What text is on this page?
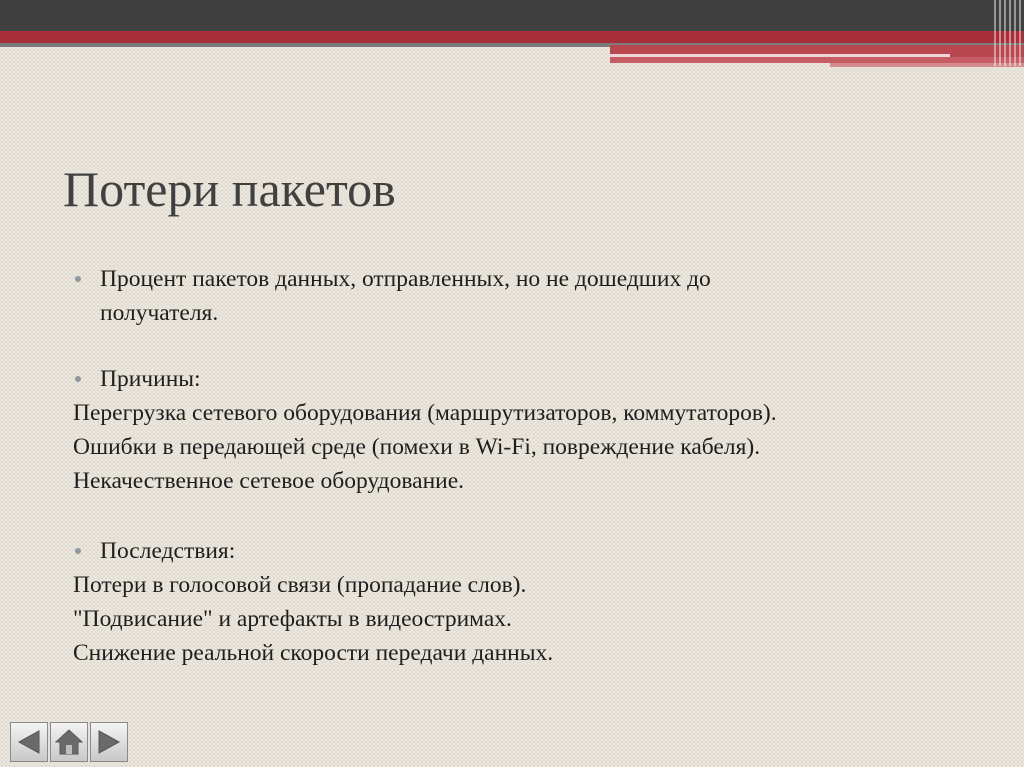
Потери пакетов
Процент пакетов данных, отправленных, но не дошедших до
получателя.
Причины:
Перегрузка сетевого оборудования (маршрутизаторов, коммутаторов).
Ошибки в передающей среде (помехи в Wi-Fi, повреждение кабеля).
Некачественное сетевое оборудование.
Последствия:
Потери в голосовой связи (пропадание слов).
"Подвисание" и артефакты в видеостримах.
Снижение реальной скорости передачи данных.
